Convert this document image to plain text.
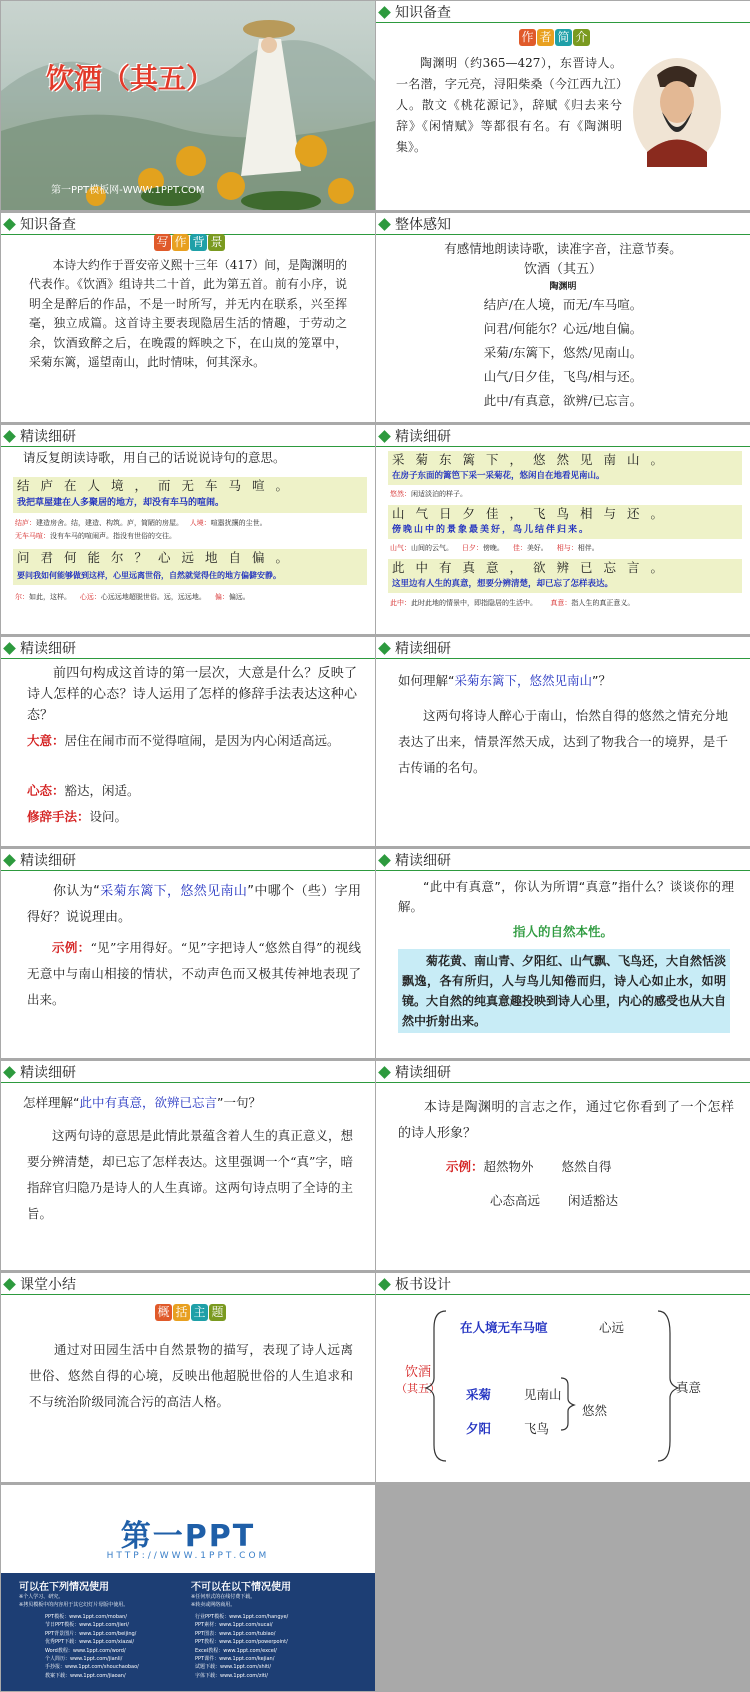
饮酒（其五）
第一PPT模板网-WWW.1PPT.COM
知识备查
作 者 简 介
陶渊明（约365—427），东晋诗人。一名潜，字元亮，浔阳柴桑（今江西九江）人。散文《桃花源记》，辞赋《归去来兮辞》《闲情赋》等都很有名。有《陶渊明集》。
知识备查
写 作 背 景
本诗大约作于晋安帝义熙十三年（417）间，是陶渊明的代表作。《饮酒》组诗共二十首，此为第五首。前有小序，说明全是醉后的作品，不是一时所写，并无内在联系，兴至挥毫，独立成篇。这首诗主要表现隐居生活的情趣，于劳动之余，饮酒致醉之后，在晚霞的辉映之下，在山岚的笼罩中，采菊东篱，遥望南山，此时情味，何其深永。
整体感知
有感情地朗读诗歌，读准字音，注意节奏。
饮酒（其五）
陶渊明
结庐/在人境，而无/车马喧。
问君/何能尔？心远/地自偏。
采菊/东篱下，悠然/见南山。
山气/日夕佳，飞鸟/相与还。
此中/有真意，欲辨/已忘言。
精读细研
请反复朗读诗歌，用自己的话说说诗句的意思。
结庐在人境，而无车马喧。
我把草屋建在人多聚居的地方，却没有车马的喧闹。
结庐：建造房舍。结，建造、构筑。庐，简陋的房屋。 人境：喧嚣扰攘的尘世。
无车马喧：没有车马的喧闹声。指没有世俗的交往。
问君何能尔？心远地自偏。
要问我如何能够做到这样，心里远离世俗，自然就觉得住的地方偏僻安静。
尔：如此，这样。 心远：心远远地超脱世俗。远，远远地。 偏：偏远。
精读细研
采菊东篱下，悠然见南山。
在房子东面的篱笆下采一采菊花，悠闲自在地看见南山。
悠然：闲适淡泊的样子。
山气日夕佳，飞鸟相与还。
傍晚山中的景象最美好，鸟儿结伴归来。
山气：山间的云气。 日夕：傍晚。 佳：美好。 相与：相伴。
此中有真意，欲辨已忘言。
这里边有人生的真意，想要分辨清楚，却已忘了怎样表达。
此中：此时此地的情景中，即指隐居的生活中。 真意：指人生的真正意义。
精读细研
前四句构成这首诗的第一层次，大意是什么？反映了诗人怎样的心态？诗人运用了怎样的修辞手法表达这种心态？
大意：居住在闹市而不觉得喧闹，是因为内心闲适高远。
心态：豁达，闲适。
修辞手法：设问。
精读细研
如何理解“采菊东篱下，悠然见南山”？
这两句将诗人醉心于南山，怡然自得的悠然之情充分地表达了出来，情景浑然天成，达到了物我合一的境界，是千古传诵的名句。
精读细研
你认为“采菊东篱下，悠然见南山”中哪个（些）字用得好？说说理由。
示例：“见”字用得好。“见”字把诗人“悠然自得”的视线无意中与南山相接的情状，不动声色而又极其传神地表现了出来。
精读细研
“此中有真意”，你认为所谓“真意”指什么？谈谈你的理解。
指人的自然本性。
菊花黄、南山青、夕阳红、山气飘、飞鸟还，大自然恬淡飘逸，各有所归，人与鸟儿知倦而归，诗人心如止水，如明镜。大自然的纯真意趣投映到诗人心里，内心的感受也从大自然中折射出来。
精读细研
怎样理解“此中有真意，欲辨已忘言”一句？
这两句诗的意思是此情此景蕴含着人生的真正意义，想要分辨清楚，却已忘了怎样表达。这里强调一个“真”字，暗指辞官归隐乃是诗人的人生真谛。这两句诗点明了全诗的主旨。
精读细研
本诗是陶渊明的言志之作，通过它你看到了一个怎样的诗人形象？
示例：超然物外 悠然自得
心态高远 闲适豁达
课堂小结
概 括 主 题
通过对田园生活中自然景物的描写，表现了诗人远离世俗、悠然自得的心境，反映出他超脱世俗的人生追求和不与统治阶级同流合污的高洁人格。
板书设计
饮酒
（其五）
在人境无车马喧	心远
采菊	见南山
悠然
夕阳	飞鸟
真意
第一PPT
HTTP://WWW.1PPT.COM
可以在下列情况使用
※个人学习、研究。
※拷贝模板中的内容用于其它幻灯片母版中使用。
不可以在以下情况使用
※任何形式的在线付费下载。
※转卖或网络商用。
PPT模板：www.1ppt.com/moban/
节日PPT模板：www.1ppt.com/jieri/
PPT背景图片：www.1ppt.com/beijing/
优秀PPT下载：www.1ppt.com/xiazai/
Word教程：www.1ppt.com/word/
个人简历：www.1ppt.com/jianli/
手抄报：www.1ppt.com/shouchaobao/
教案下载：www.1ppt.com/jiaoan/
行业PPT模板：www.1ppt.com/hangye/
PPT素材：www.1ppt.com/sucai/
PPT图表：www.1ppt.com/tubiao/
PPT教程：www.1ppt.com/powerpoint/
Excel教程：www.1ppt.com/excel/
PPT课件：www.1ppt.com/kejian/
试题下载：www.1ppt.com/shiti/
字体下载：www.1ppt.com/ziti/
